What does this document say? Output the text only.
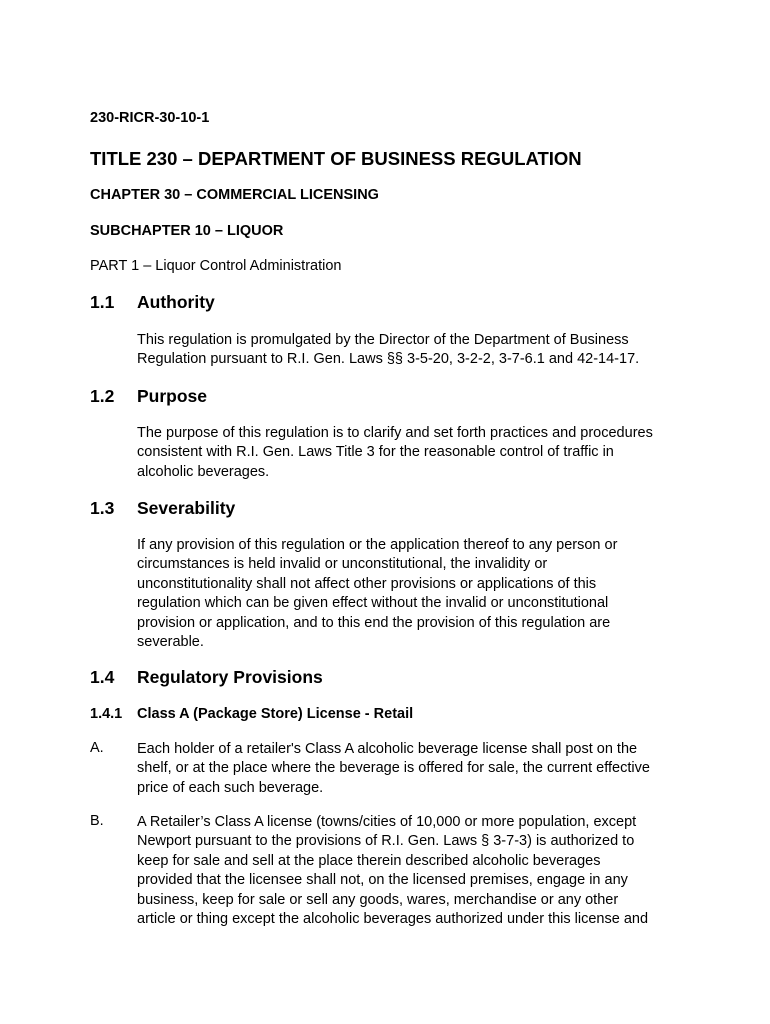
230-RICR-30-10-1

TITLE 230 – DEPARTMENT OF BUSINESS REGULATION

CHAPTER 30 – COMMERCIAL LICENSING

SUBCHAPTER 10 – LIQUOR

PART 1 – Liquor Control Administration

1.1 Authority

This regulation is promulgated by the Director of the Department of Business
Regulation pursuant to R.I. Gen. Laws §§ 3-5-20, 3-2-2, 3-7-6.1 and 42-14-17.

1.2 Purpose

The purpose of this regulation is to clarify and set forth practices and procedures
consistent with R.I. Gen. Laws Title 3 for the reasonable control of traffic in
alcoholic beverages.

1.3 Severability

If any provision of this regulation or the application thereof to any person or
circumstances is held invalid or unconstitutional, the invalidity or
unconstitutionality shall not affect other provisions or applications of this
regulation which can be given effect without the invalid or unconstitutional
provision or application, and to this end the provision of this regulation are
severable.

1.4 Regulatory Provisions
1.4.1 Class A (Package Store) License - Retail
A. Each holder of a retailer's Class A alcoholic beverage license shall post on the
shelf, or at the place where the beverage is offered for sale, the current effective
price of each such beverage.

B. A Retailer’s Class A license (towns/cities of 10,000 or more population, except
Newport pursuant to the provisions of R.I. Gen. Laws § 3-7-3) is authorized to
keep for sale and sell at the place therein described alcoholic beverages
provided that the licensee shall not, on the licensed premises, engage in any
business, keep for sale or sell any goods, wares, merchandise or any other
article or thing except the alcoholic beverages authorized under this license and
